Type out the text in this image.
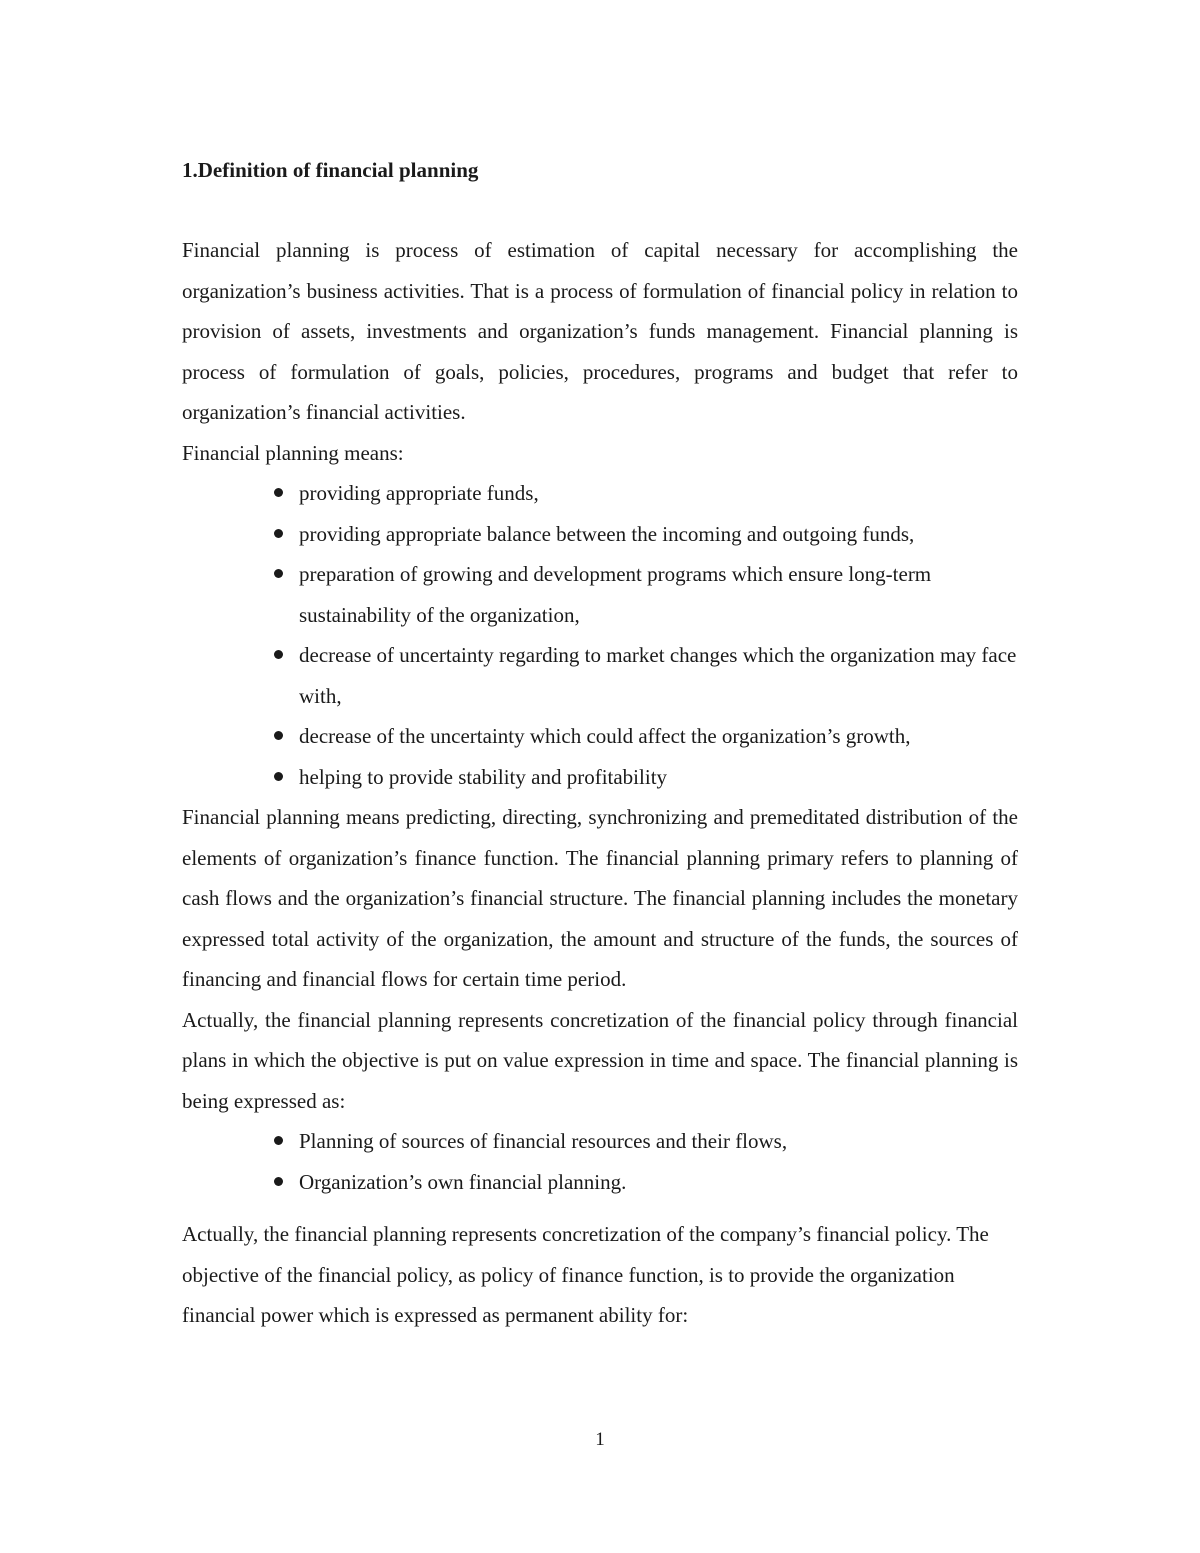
1.Definition of financial planning

Financial planning is process of estimation of capital necessary for accomplishing the organization’s business activities. That is a process of formulation of financial policy in relation to provision of assets, investments and organization’s funds management. Financial planning is process of formulation of goals, policies, procedures, programs and budget that refer to organization’s financial activities.

Financial planning means:

providing appropriate funds,
providing appropriate balance between the incoming and outgoing funds,
preparation of growing and development programs which ensure long-term sustainability of the organization,
decrease of uncertainty regarding to market changes which the organization may face with,
decrease of the uncertainty which could affect the organization’s growth,
helping to provide stability and profitability

Financial planning means predicting, directing, synchronizing and premeditated distribution of the elements of organization’s finance function. The financial planning primary refers to planning of cash flows and the organization’s financial structure. The financial planning includes the monetary expressed total activity of the organization, the amount and structure of the funds, the sources of financing and financial flows for certain time period.

Actually, the financial planning represents concretization of the financial policy through financial plans in which the objective is put on value expression in time and space. The financial planning is being expressed as:

Planning of sources of financial resources and their flows,
Organization’s own financial planning.

Actually, the financial planning represents concretization of the company’s financial policy. The objective of the financial policy, as policy of finance function, is to provide the organization financial power which is expressed as permanent ability for:

1
